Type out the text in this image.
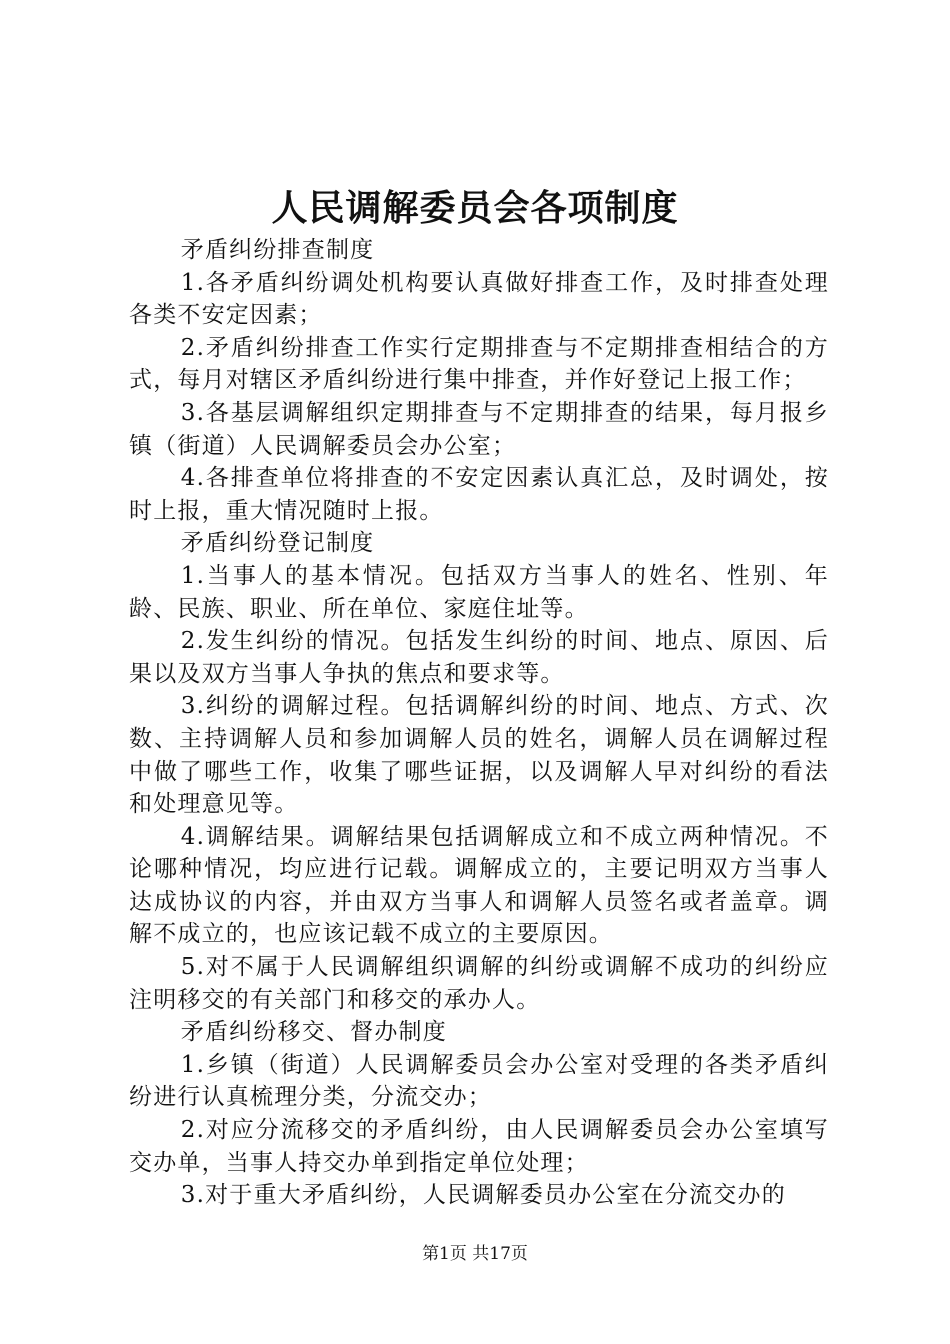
人民调解委员会各项制度

矛盾纠纷排查制度

1.各矛盾纠纷调处机构要认真做好排查工作，及时排查处理各类不安定因素；

2.矛盾纠纷排查工作实行定期排查与不定期排查相结合的方式，每月对辖区矛盾纠纷进行集中排查，并作好登记上报工作；

3.各基层调解组织定期排查与不定期排查的结果，每月报乡镇（街道）人民调解委员会办公室；

4.各排查单位将排查的不安定因素认真汇总，及时调处，按时上报，重大情况随时上报。

矛盾纠纷登记制度

1.当事人的基本情况。包括双方当事人的姓名、性别、年龄、民族、职业、所在单位、家庭住址等。

2.发生纠纷的情况。包括发生纠纷的时间、地点、原因、后果以及双方当事人争执的焦点和要求等。

3.纠纷的调解过程。包括调解纠纷的时间、地点、方式、次数、主持调解人员和参加调解人员的姓名，调解人员在调解过程中做了哪些工作，收集了哪些证据，以及调解人早对纠纷的看法和处理意见等。

4.调解结果。调解结果包括调解成立和不成立两种情况。不论哪种情况，均应进行记载。调解成立的，主要记明双方当事人达成协议的内容，并由双方当事人和调解人员签名或者盖章。调解不成立的，也应该记载不成立的主要原因。

5.对不属于人民调解组织调解的纠纷或调解不成功的纠纷应注明移交的有关部门和移交的承办人。

矛盾纠纷移交、督办制度

1.乡镇（街道）人民调解委员会办公室对受理的各类矛盾纠纷进行认真梳理分类，分流交办；

2.对应分流移交的矛盾纠纷，由人民调解委员会办公室填写交办单，当事人持交办单到指定单位处理；

3.对于重大矛盾纠纷，人民调解委员办公室在分流交办的

第1页 共17页
